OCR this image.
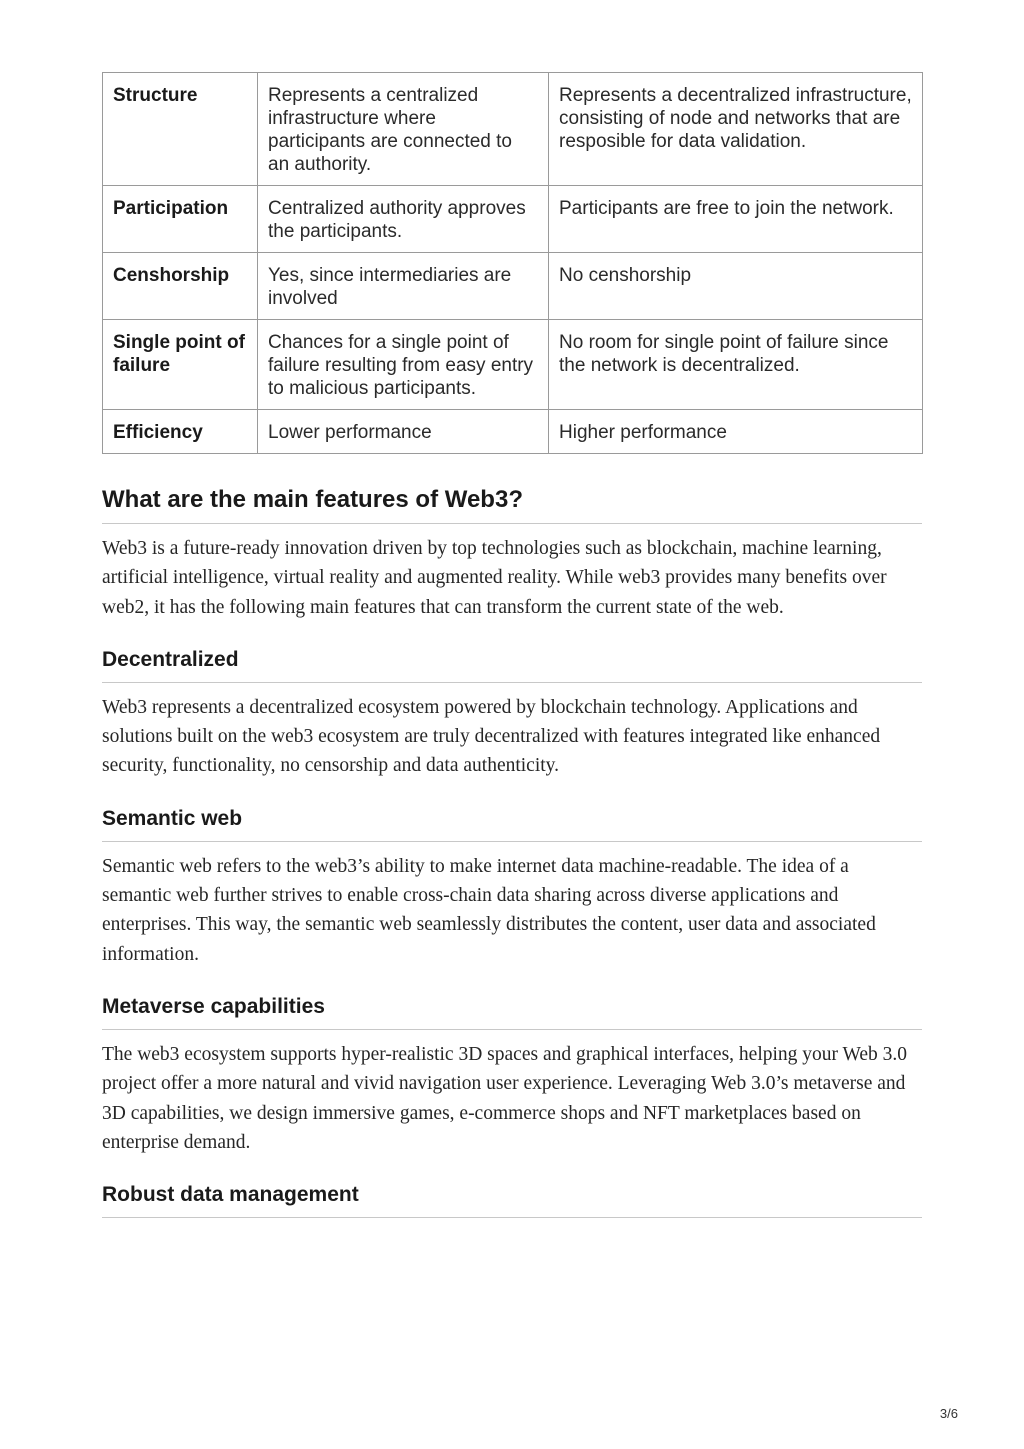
Structure	Represents a centralized infrastructure where participants are connected to an authority.	Represents a decentralized infrastructure, consisting of node and networks that are resposible for data validation.
Participation	Centralized authority approves the participants.	Participants are free to join the network.
Censhorship	Yes, since intermediaries are involved	No censhorship
Single point of failure	Chances for a single point of failure resulting from easy entry to malicious participants.	No room for single point of failure since the network is decentralized.
Efficiency	Lower performance	Higher performance
What are the main features of Web3?

Web3 is a future-ready innovation driven by top technologies such as blockchain, machine learning, artificial intelligence, virtual reality and augmented reality. While web3 provides many benefits over web2, it has the following main features that can transform the current state of the web.

Decentralized

Web3 represents a decentralized ecosystem powered by blockchain technology. Applications and solutions built on the web3 ecosystem are truly decentralized with features integrated like enhanced security, functionality, no censorship and data authenticity.

Semantic web

Semantic web refers to the web3’s ability to make internet data machine-readable. The idea of a semantic web further strives to enable cross-chain data sharing across diverse applications and enterprises. This way, the semantic web seamlessly distributes the content, user data and associated information.

Metaverse capabilities

The web3 ecosystem supports hyper-realistic 3D spaces and graphical interfaces, helping your Web 3.0 project offer a more natural and vivid navigation user experience. Leveraging Web 3.0’s metaverse and 3D capabilities, we design immersive games, e-commerce shops and NFT marketplaces based on enterprise demand.

Robust data management
3/6
